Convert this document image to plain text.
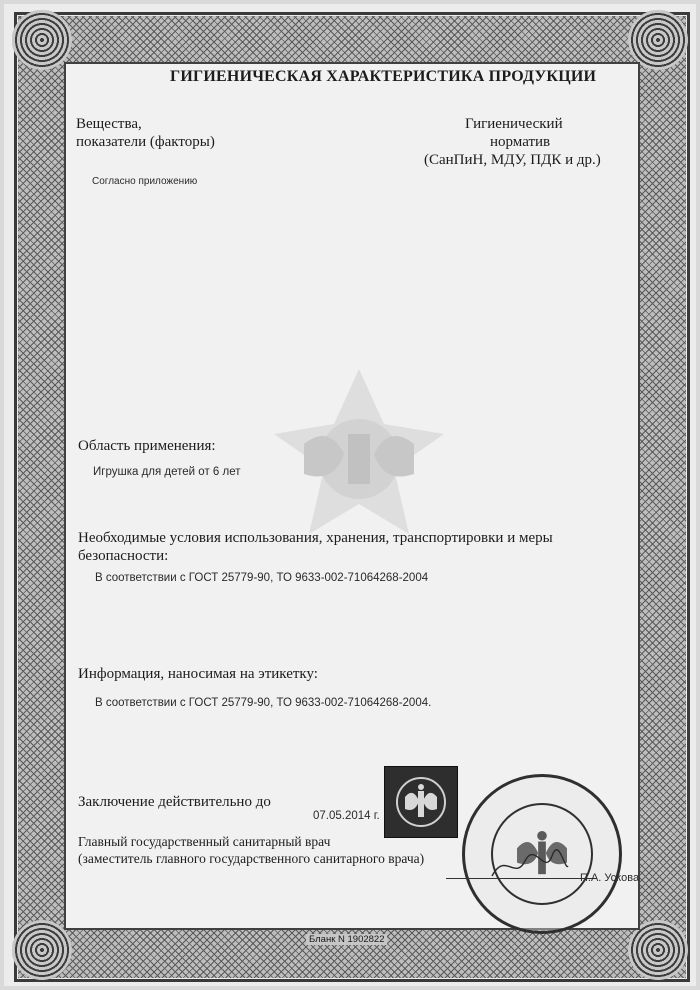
ГИГИЕНИЧЕСКАЯ ХАРАКТЕРИСТИКА ПРОДУКЦИИ
Вещества,
показатели (факторы)
Гигиенический
норматив
(СанПиН, МДУ, ПДК и др.)
Согласно приложению
Область применения:
Игрушка для детей от 6 лет
Необходимые условия использования, хранения, транспортировки и меры
безопасности:
В соответствии с ГОСТ 25779-90, ТО 9633-002-71064268-2004
Информация, наносимая на этикетку:
В соответствии с ГОСТ 25779-90, ТО 9633-002-71064268-2004.
Заключение действительно до
07.05.2014 г.
Главный государственный санитарный врач
(заместитель главного государственного санитарного врача)
П.А. Ускова
Бланк N 1902822
